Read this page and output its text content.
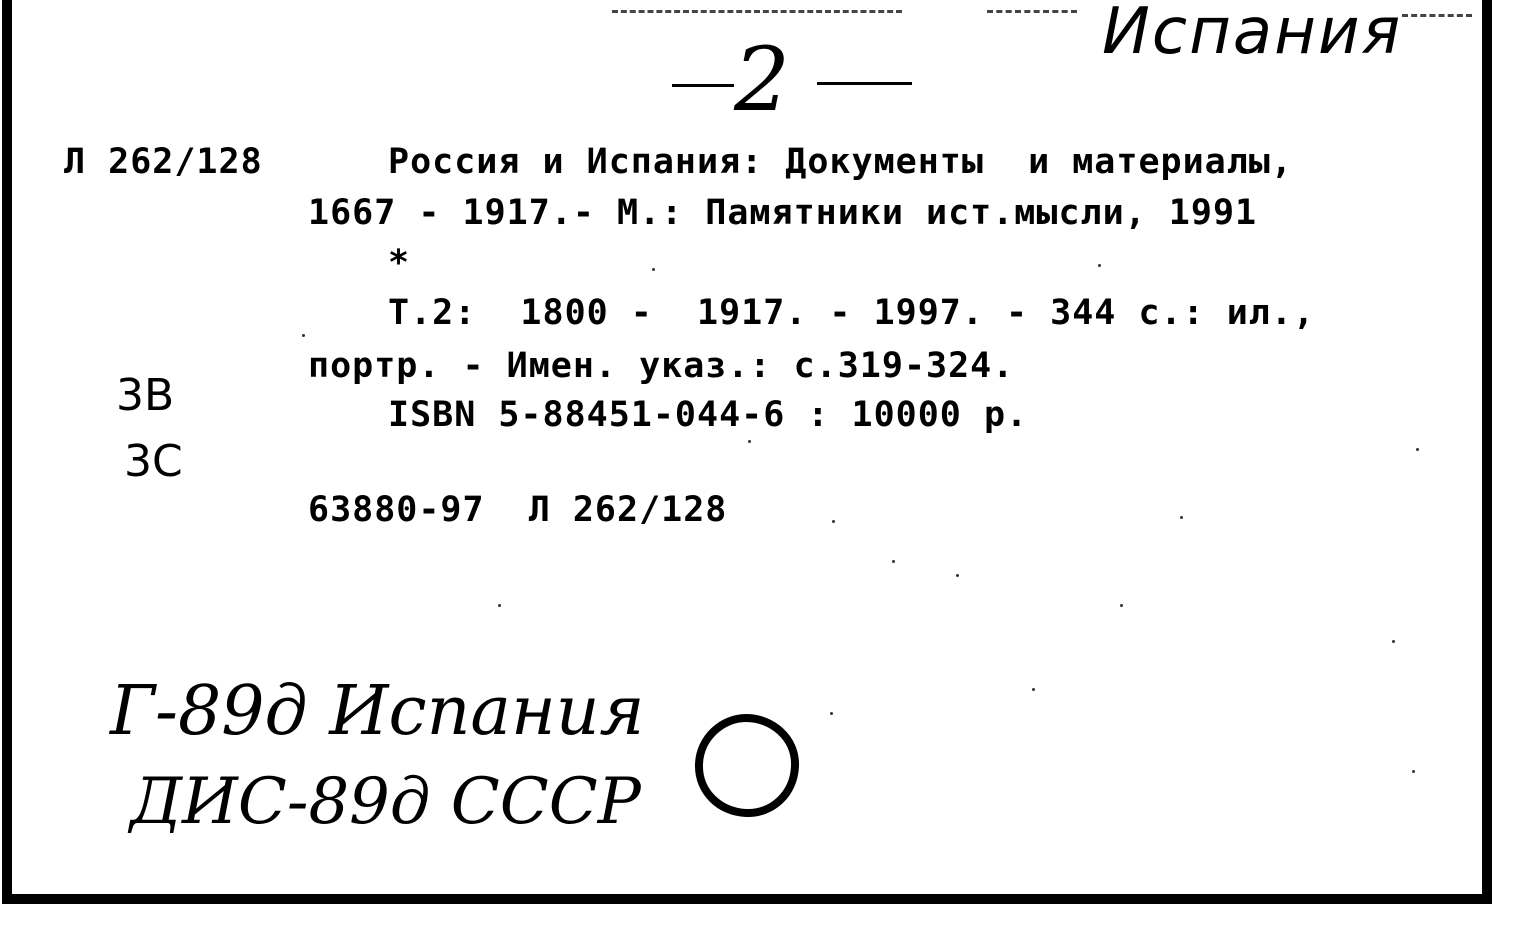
2	Испания
Л 262/128	Россия и Испания: Документы  и материалы,
1667 - 1917.- М.: Памятники ист.мысли, 1991
*
Т.2:  1800 -  1917. - 1997. - 344 с.: ил.,
портр. - Имен. указ.: с.319-324.
ISBN 5-88451-044-6 : 10000 р.
63880-97  Л 262/128
3В
3С
Г-89д Испания
ДИС-89д СССР
